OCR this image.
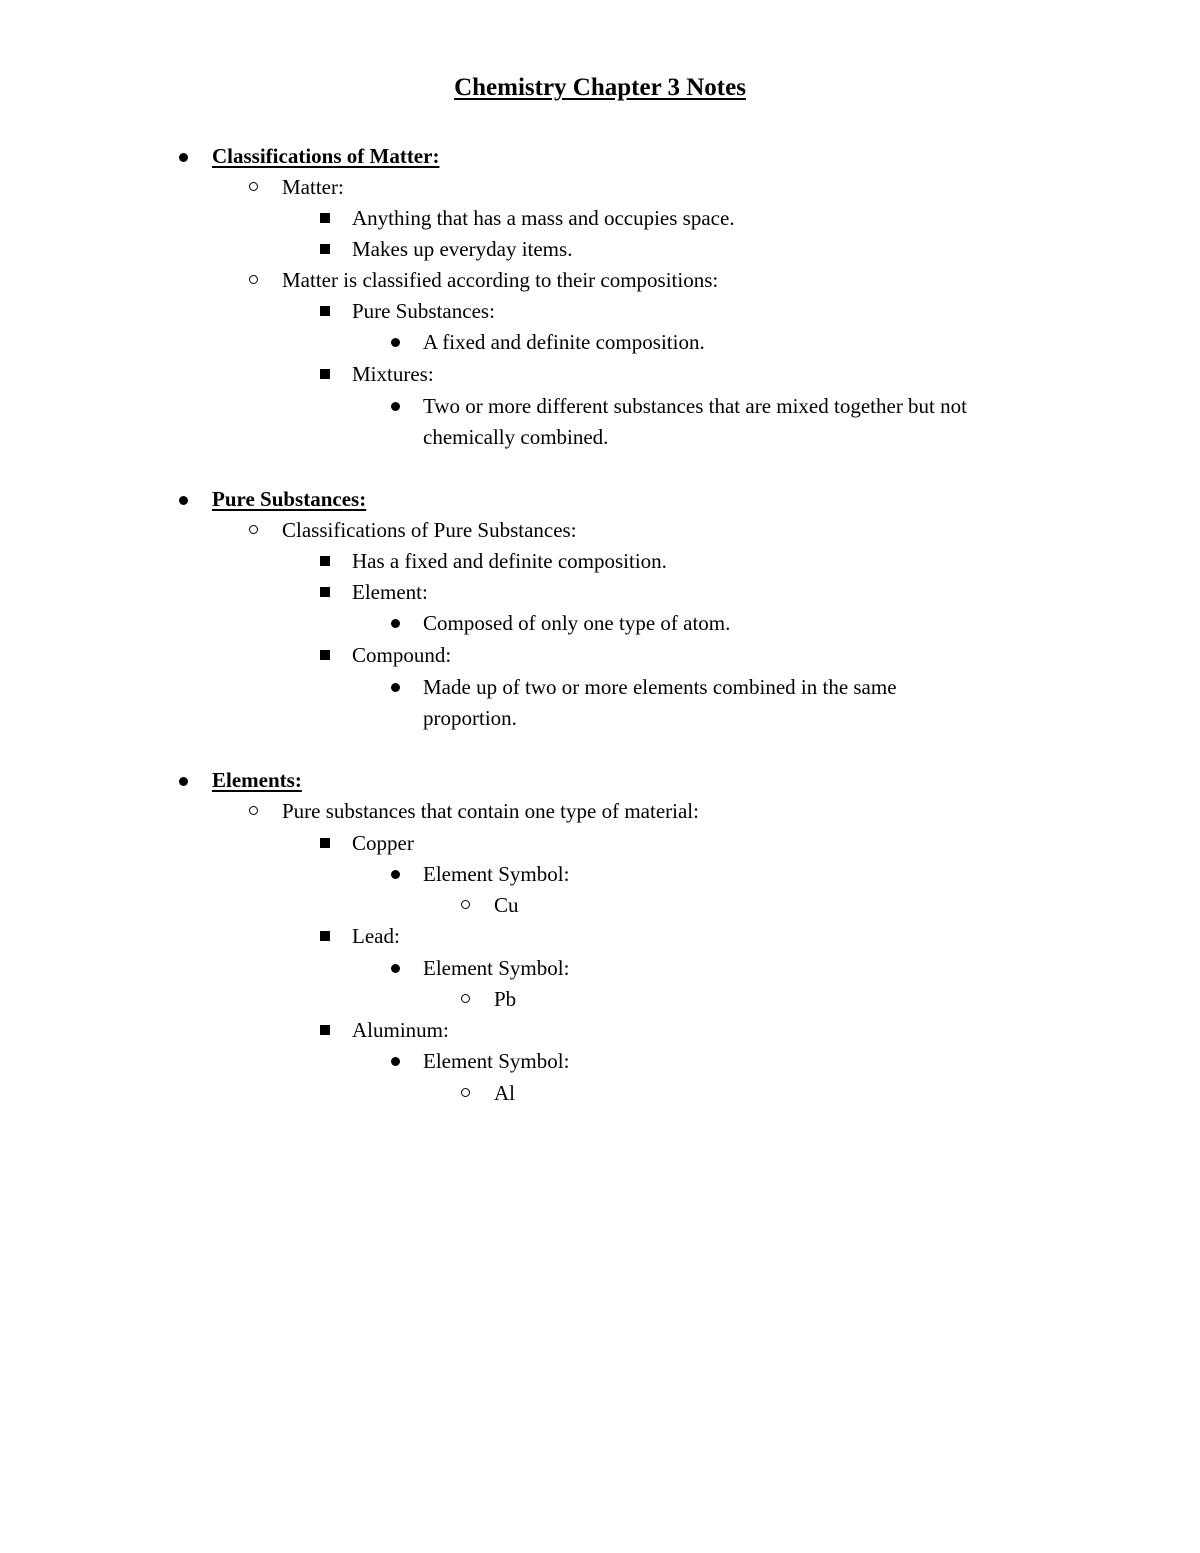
Chemistry Chapter 3 Notes
Classifications of Matter:
Matter:
Anything that has a mass and occupies space.
Makes up everyday items.
Matter is classified according to their compositions:
Pure Substances:
A fixed and definite composition.
Mixtures:
Two or more different substances that are mixed together but not
chemically combined.
Pure Substances:
Classifications of Pure Substances:
Has a fixed and definite composition.
Element:
Composed of only one type of atom.
Compound:
Made up of two or more elements combined in the same
proportion.
Elements:
Pure substances that contain one type of material:
Copper
Element Symbol:
Cu
Lead:
Element Symbol:
Pb
Aluminum:
Element Symbol:
Al
